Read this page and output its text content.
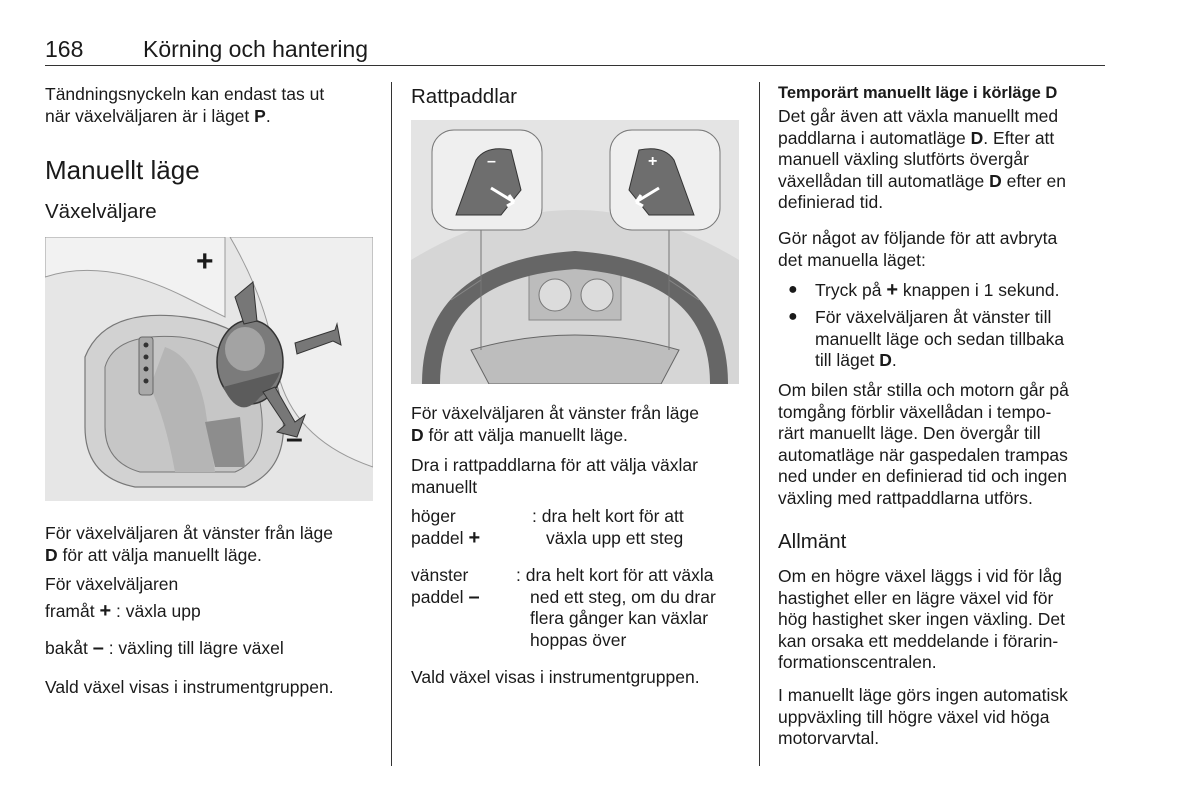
168	Körning och hantering

Tändningsnyckeln kan endast tas ut

när växelväljaren är i läget P.

Manuellt läge
Växelväljare
+
–

För växelväljaren åt vänster från läge

D för att välja manuellt läge.

För växelväljaren
framåt + : växla upp
bakåt – : växling till lägre växel
Vald växel visas i instrumentgruppen.
Rattpaddlar
–	+

För växelväljaren åt vänster från läge

D för att välja manuellt läge.

Dra i rattpaddlarna för att välja växlar

manuellt

höger

paddel +

: dra helt kort för att

växla upp ett steg

vänster

paddel –

: dra helt kort för att växla

ned ett steg, om du drar

flera gånger kan växlar

hoppas över

Vald växel visas i instrumentgruppen.
Temporärt manuellt läge i körläge D

Det går även att växla manuellt med

paddlarna i automatläge D. Efter att

manuell växling slutförts övergår

växellådan till automatläge D efter en

definierad tid.

Gör något av följande för att avbryta

det manuella läget:

● Tryck på + knappen i 1 sekund.
● För växelväljaren åt vänster till

manuellt läge och sedan tillbaka

till läget D.

Om bilen står stilla och motorn går på

tomgång förblir växellådan i tempo-

rärt manuellt läge. Den övergår till

automatläge när gaspedalen trampas

ned under en definierad tid och ingen

växling med rattpaddlarna utförs.

Allmänt

Om en högre växel läggs i vid för låg

hastighet eller en lägre växel vid för

hög hastighet sker ingen växling. Det

kan orsaka ett meddelande i förarin-

formationscentralen.

I manuellt läge görs ingen automatisk

uppväxling till högre växel vid höga

motorvarvtal.
